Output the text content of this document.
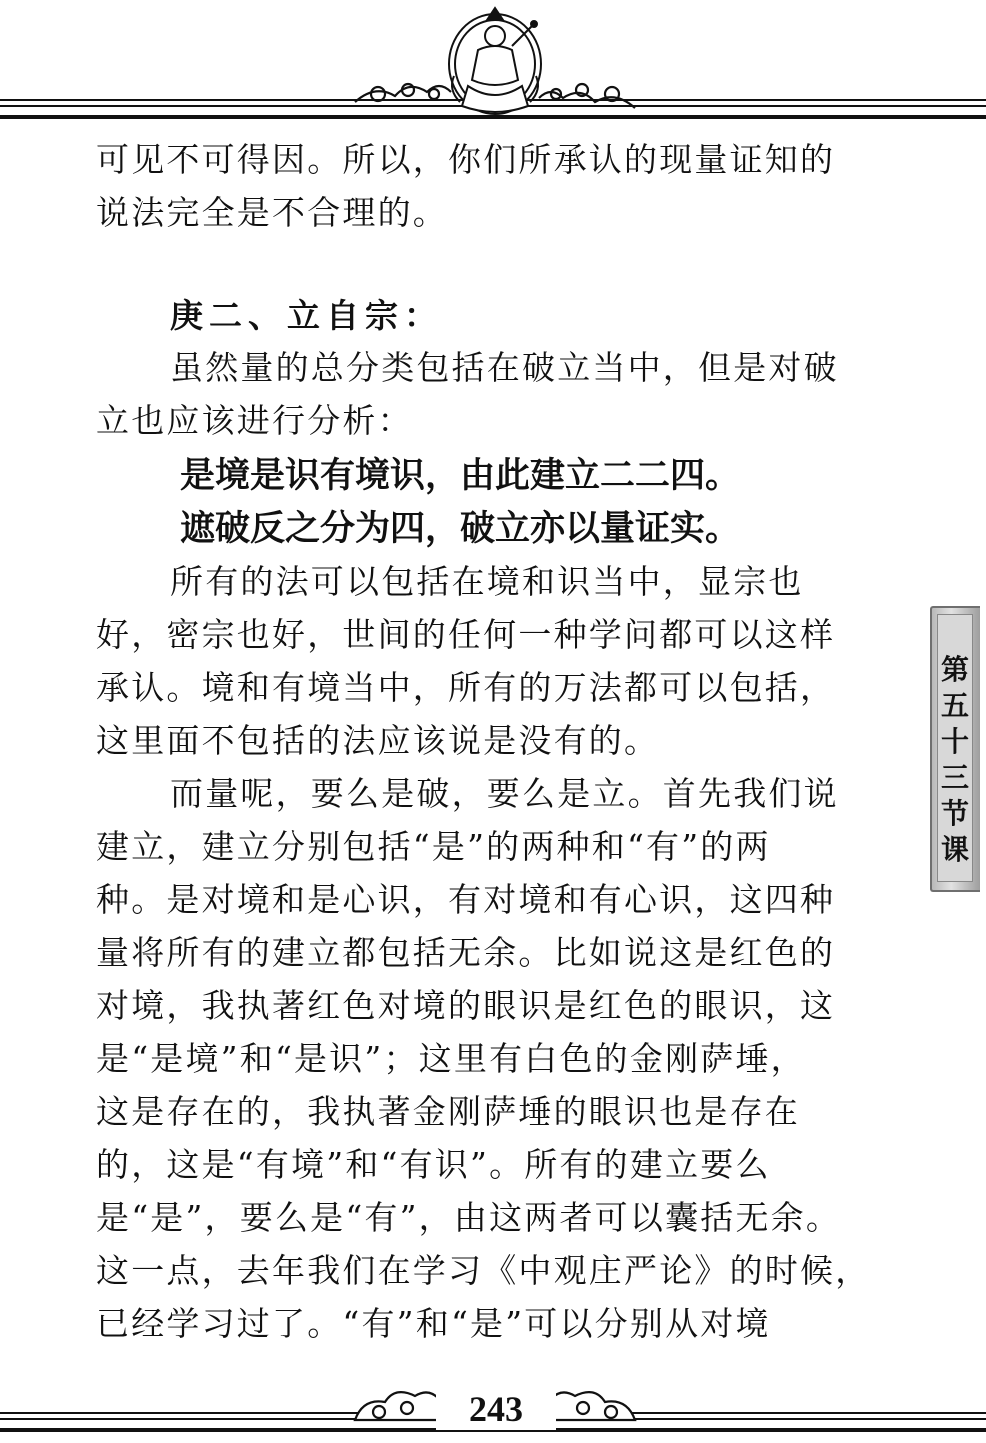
可见不可得因。所以，你们所承认的现量证知的
说法完全是不合理的。
庚二、立自宗：
虽然量的总分类包括在破立当中，但是对破
立也应该进行分析：
是境是识有境识，由此建立二二四。
遮破反之分为四，破立亦以量证实。
所有的法可以包括在境和识当中，显宗也
好，密宗也好，世间的任何一种学问都可以这样
承认。境和有境当中，所有的万法都可以包括，
这里面不包括的法应该说是没有的。
而量呢，要么是破，要么是立。首先我们说
建立，建立分别包括“是”的两种和“有”的两
种。是对境和是心识，有对境和有心识，这四种
量将所有的建立都包括无余。比如说这是红色的
对境，我执著红色对境的眼识是红色的眼识，这
是“是境”和“是识”；这里有白色的金刚萨埵，
这是存在的，我执著金刚萨埵的眼识也是存在
的，这是“有境”和“有识”。所有的建立要么
是“是”，要么是“有”，由这两者可以囊括无余。
这一点，去年我们在学习《中观庄严论》的时候，
已经学习过了。“有”和“是”可以分别从对境
第
五
十
三
节
课
243
